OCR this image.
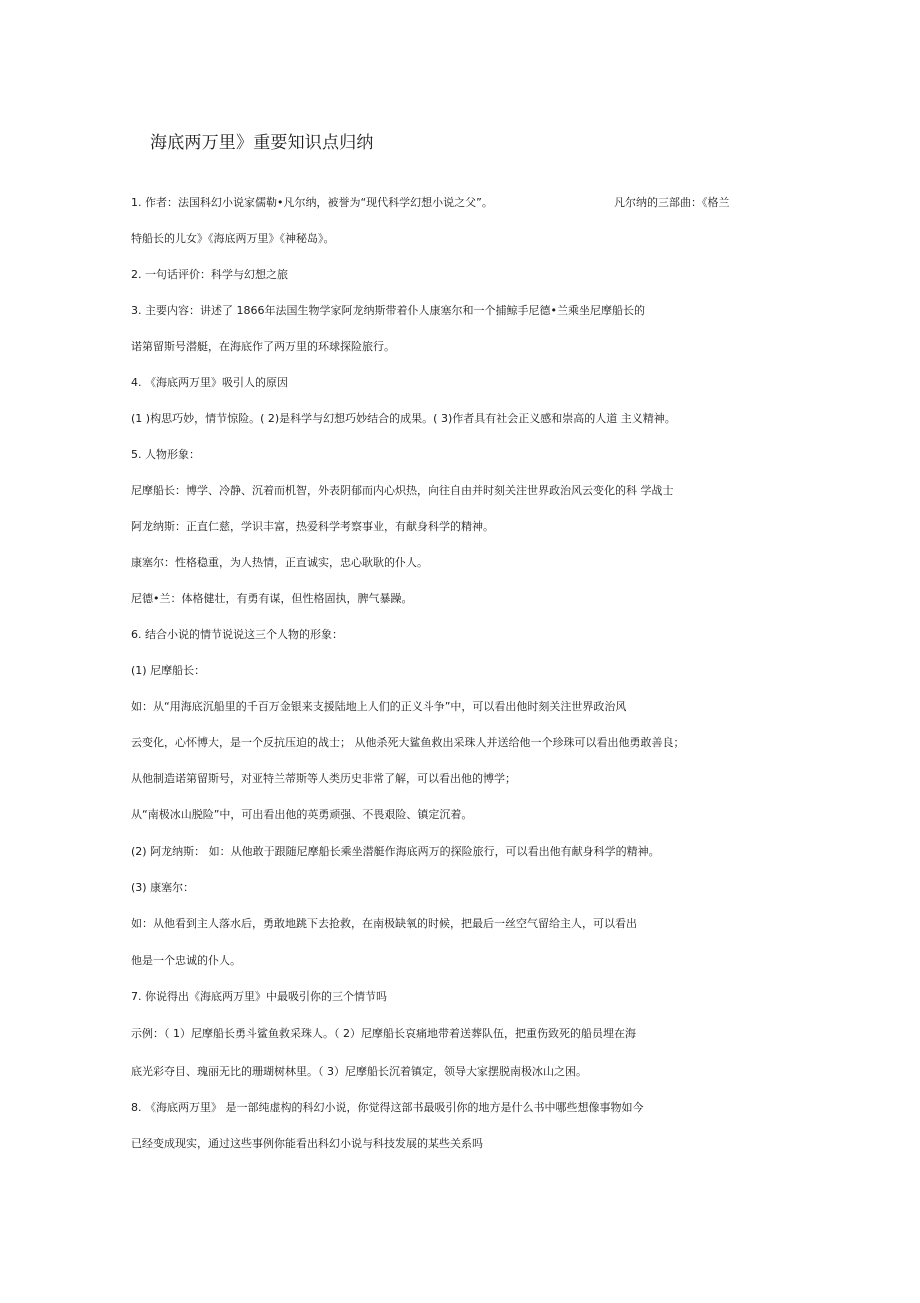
海底两万里》重要知识点归纳
1. 作者：法国科幻小说家儒勒•凡尔纳，被誉为“现代科学幻想小说之父”。	凡尔纳的三部曲：《格兰
特船长的儿女》《海底两万里》《神秘岛》。
2. 一句话评价：科学与幻想之旅
3. 主要内容：讲述了 1866年法国生物学家阿龙纳斯带着仆人康塞尔和一个捕鲸手尼德•兰乘坐尼摩船长的
诺第留斯号潜艇，在海底作了两万里的环球探险旅行。
4. 《海底两万里》吸引人的原因
(1 )构思巧妙，情节惊险。( 2)是科学与幻想巧妙结合的成果。( 3)作者具有社会正义感和崇高的人道 主义精神。
5. 人物形象：
尼摩船长：博学、冷静、沉着而机智，外表阴郁而内心炽热，向往自由并时刻关注世界政治风云变化的科 学战士
阿龙纳斯：正直仁慈，学识丰富，热爱科学考察事业，有献身科学的精神。
康塞尔：性格稳重，为人热情，正直诚实，忠心耿耿的仆人。
尼德•兰：体格健壮，有勇有谋，但性格固执，脾气暴躁。
6. 结合小说的情节说说这三个人物的形象：
(1) 尼摩船长：
如：从“用海底沉船里的千百万金银来支援陆地上人们的正义斗争”中，可以看出他时刻关注世界政治风
云变化，心怀博大，是一个反抗压迫的战士； 从他杀死大鲨鱼救出采珠人并送给他一个珍珠可以看出他勇敢善良；
从他制造诺第留斯号，对亚特兰蒂斯等人类历史非常了解，可以看出他的博学；
从“南极冰山脱险”中，可出看出他的英勇顽强、不畏艰险、镇定沉着。
(2) 阿龙纳斯： 如：从他敢于跟随尼摩船长乘坐潜艇作海底两万的探险旅行，可以看出他有献身科学的精神。
(3) 康塞尔：
如：从他看到主人落水后，勇敢地跳下去抢救，在南极缺氧的时候，把最后一丝空气留给主人，可以看出
他是一个忠诚的仆人。
7. 你说得出《海底两万里》中最吸引你的三个情节吗
示例：（ 1）尼摩船长勇斗鲨鱼救采珠人。（ 2）尼摩船长哀痛地带着送葬队伍，把重伤致死的船员埋在海
底光彩夺目、瑰丽无比的珊瑚树林里。（ 3）尼摩船长沉着镇定，领导大家摆脱南极冰山之困。
8. 《海底两万里》 是一部纯虚构的科幻小说，你觉得这部书最吸引你的地方是什么书中哪些想像事物如今
已经变成现实，通过这些事例你能看出科幻小说与科技发展的某些关系吗
